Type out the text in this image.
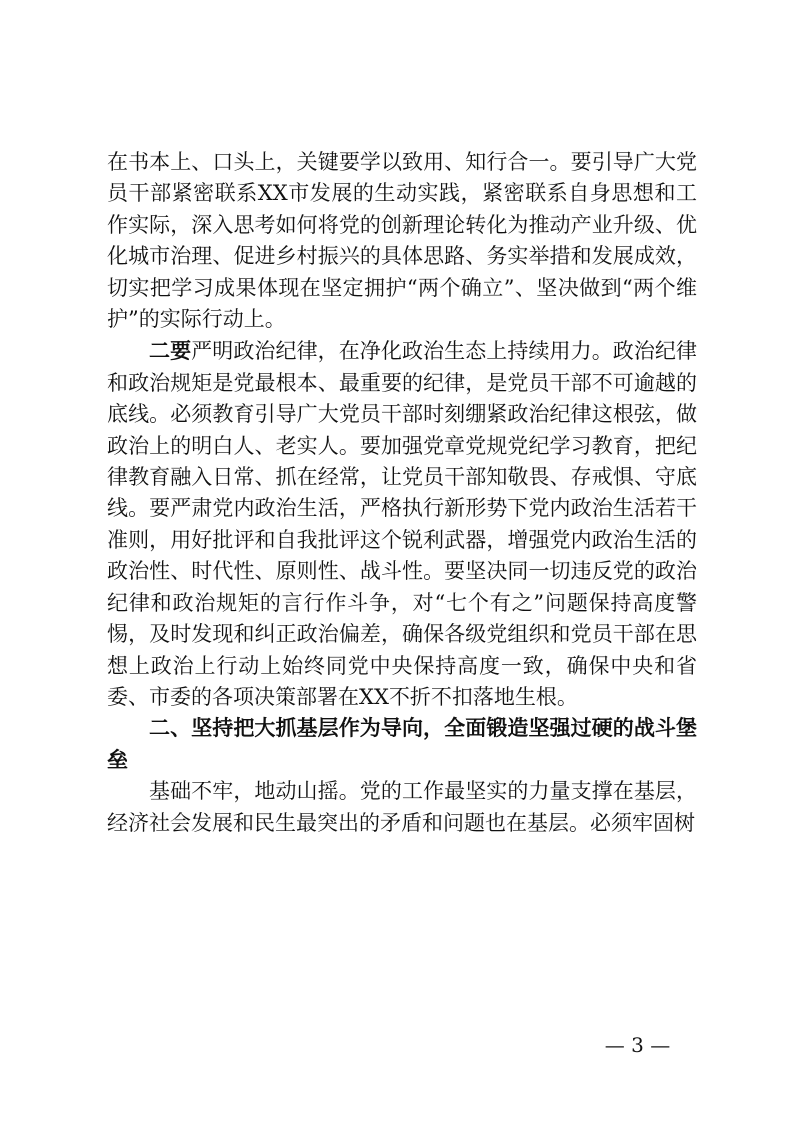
在书本上、口头上，关键要学以致用、知行合一。要引导广大党员干部紧密联系XX市发展的生动实践，紧密联系自身思想和工作实际，深入思考如何将党的创新理论转化为推动产业升级、优化城市治理、促进乡村振兴的具体思路、务实举措和发展成效，切实把学习成果体现在坚定拥护“两个确立”、坚决做到“两个维护”的实际行动上。

二要严明政治纪律，在净化政治生态上持续用力。政治纪律和政治规矩是党最根本、最重要的纪律，是党员干部不可逾越的底线。必须教育引导广大党员干部时刻绷紧政治纪律这根弦，做政治上的明白人、老实人。要加强党章党规党纪学习教育，把纪律教育融入日常、抓在经常，让党员干部知敬畏、存戒惧、守底线。要严肃党内政治生活，严格执行新形势下党内政治生活若干准则，用好批评和自我批评这个锐利武器，增强党内政治生活的政治性、时代性、原则性、战斗性。要坚决同一切违反党的政治纪律和政治规矩的言行作斗争，对“七个有之”问题保持高度警惕，及时发现和纠正政治偏差，确保各级党组织和党员干部在思想上政治上行动上始终同党中央保持高度一致，确保中央和省委、市委的各项决策部署在XX不折不扣落地生根。

二、坚持把大抓基层作为导向，全面锻造坚强过硬的战斗堡垒

基础不牢，地动山摇。党的工作最坚实的力量支撑在基层，经济社会发展和民生最突出的矛盾和问题也在基层。必须牢固树

— 3 —
